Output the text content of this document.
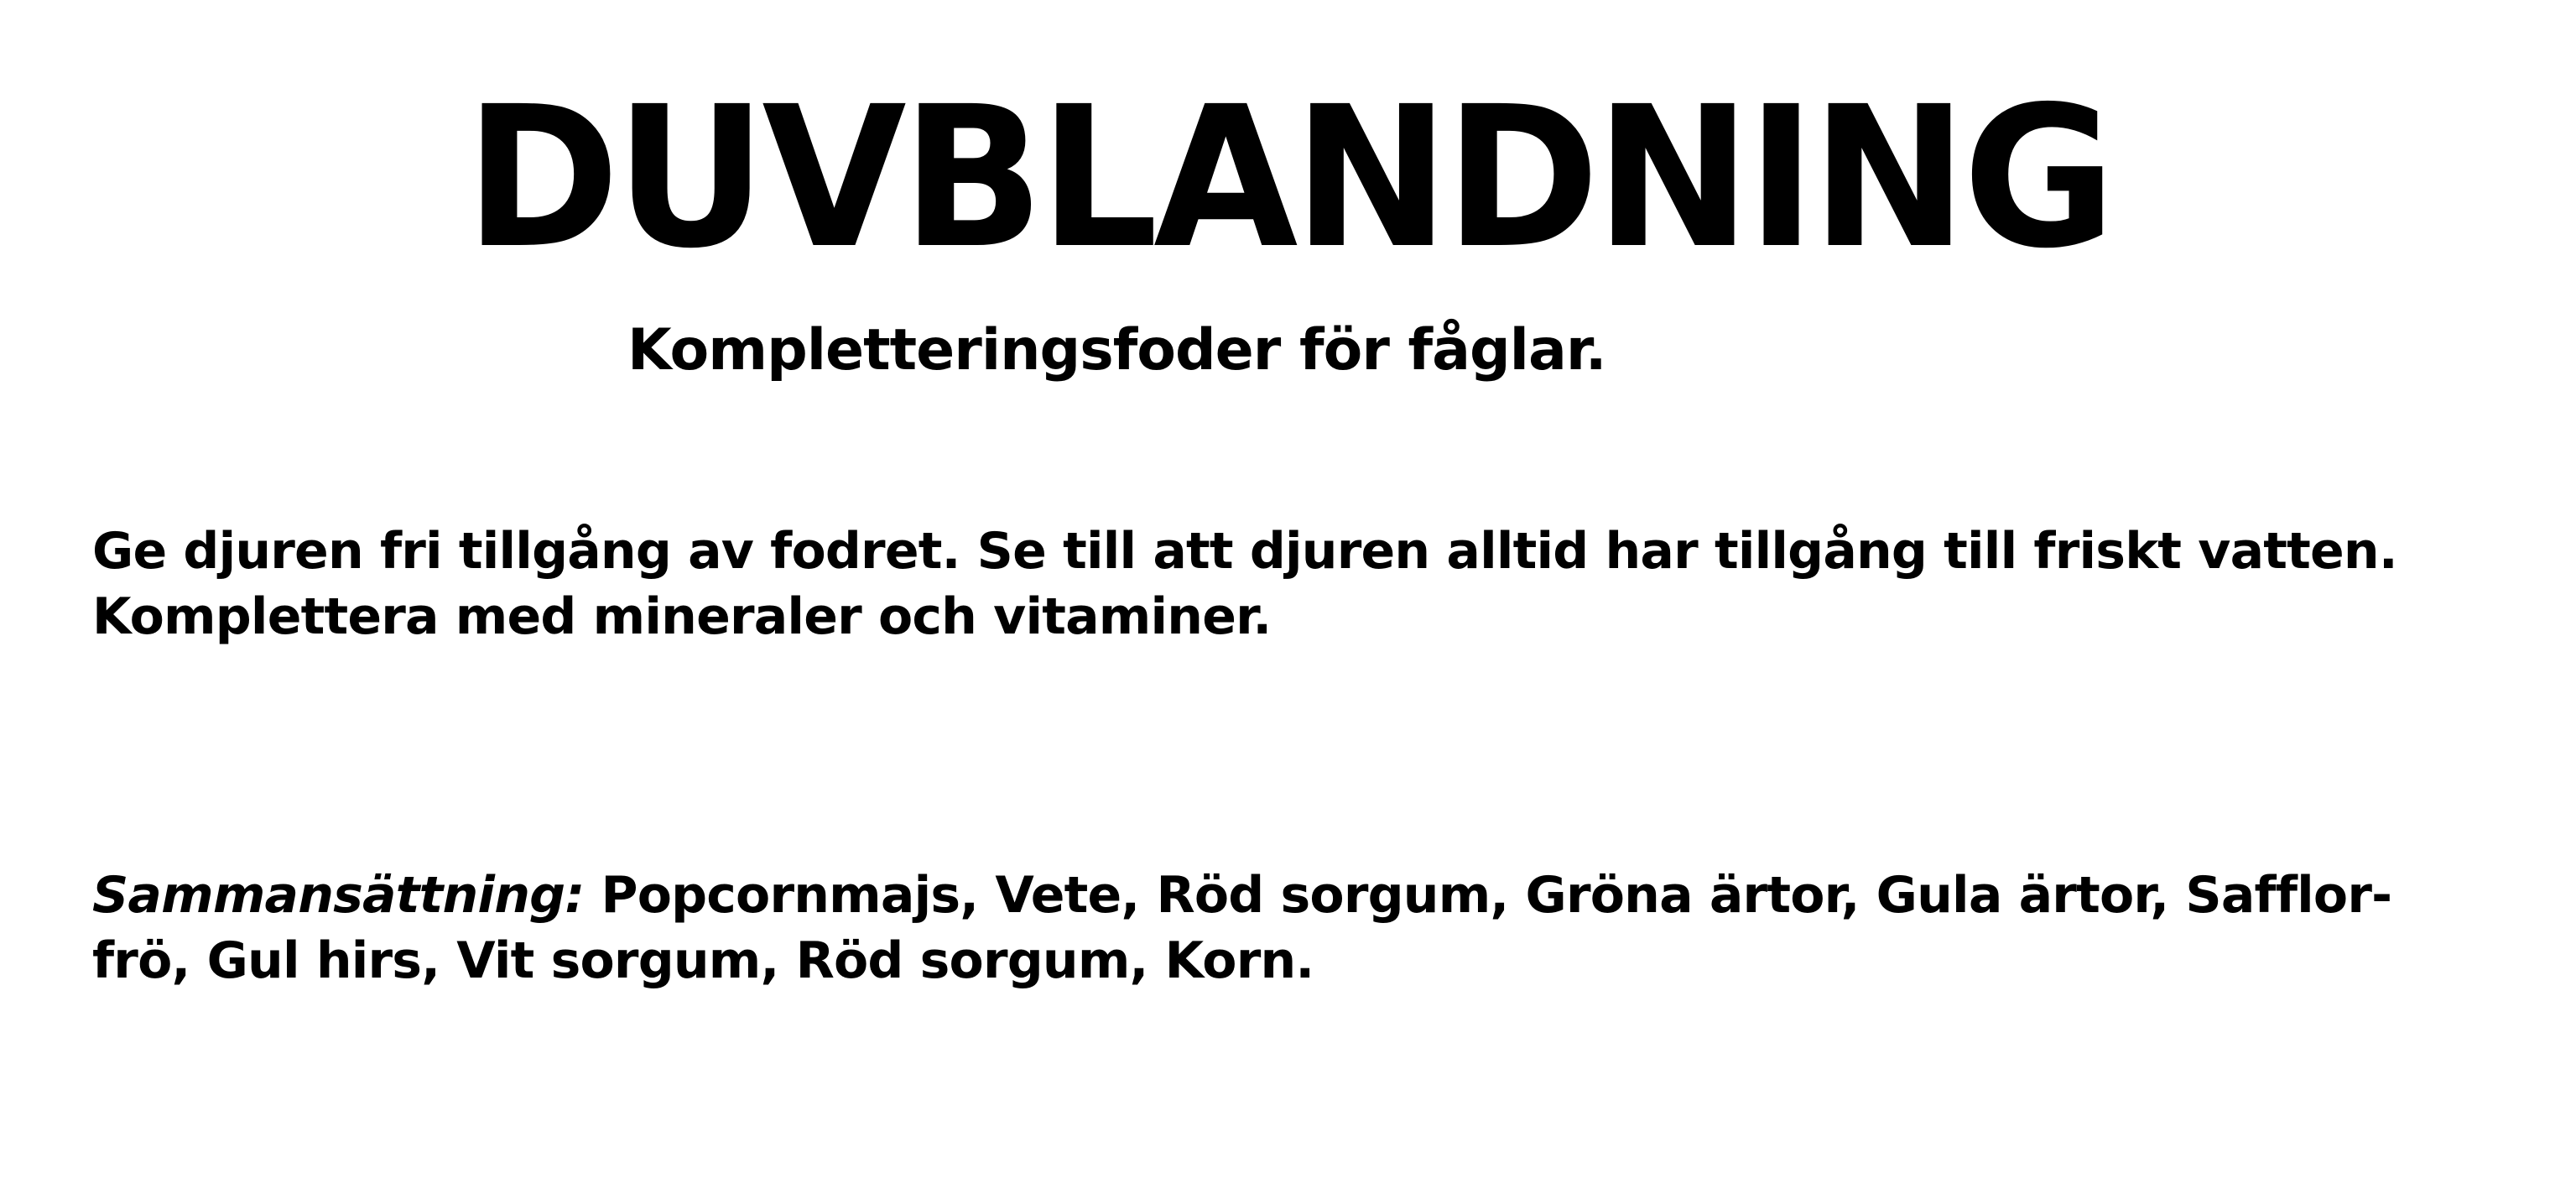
DUVBLANDNING

Kompletteringsfoder för fåglar.

Ge djuren fri tillgång av fodret. Se till att djuren alltid har tillgång till friskt vatten.
Komplettera med mineraler och vitaminer.
Sammansättning: Popcornmajs, Vete, Röd sorgum, Gröna ärtor, Gula ärtor, Safflor-
frö, Gul hirs, Vit sorgum, Röd sorgum, Korn.
